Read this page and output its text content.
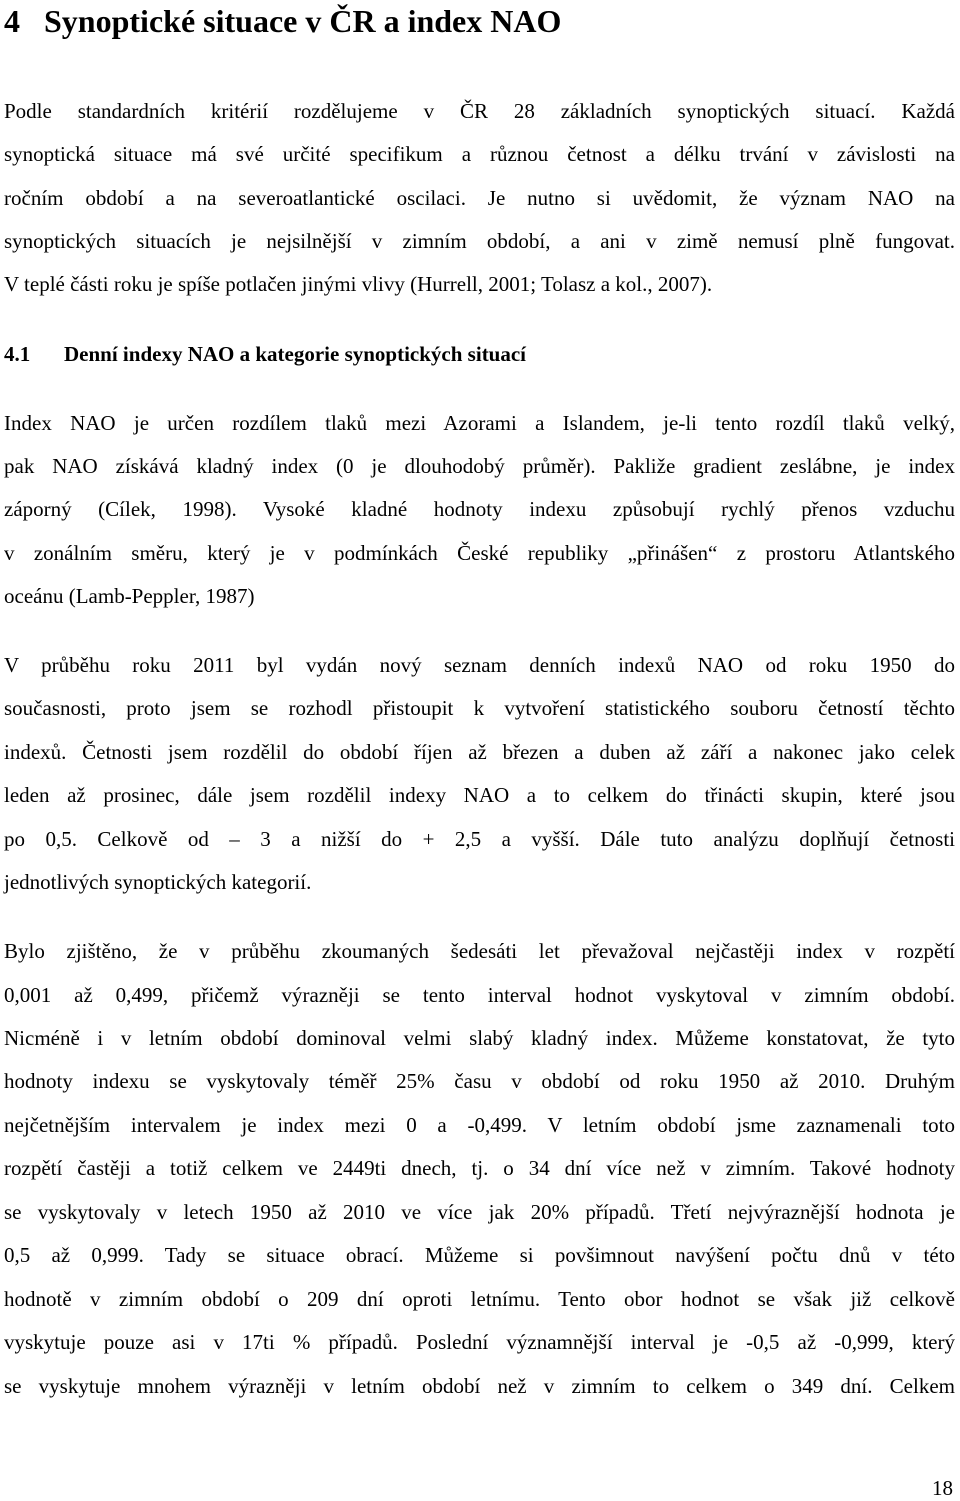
4 Synoptické situace v ČR a index NAO
Podle standardních kritérií rozdělujeme v ČR 28 základních synoptických situací. Každá
synoptická situace má své určité specifikum a různou četnost a délku trvání v závislosti na
ročním období a na severoatlantické oscilaci. Je nutno si uvědomit, že význam NAO na
synoptických situacích je nejsilnější v zimním období, a ani v zimě nemusí plně fungovat.
V teplé části roku je spíše potlačen jinými vlivy (Hurrell, 2001; Tolasz a kol., 2007).
4.1 Denní indexy NAO a kategorie synoptických situací
Index NAO je určen rozdílem tlaků mezi Azorami a Islandem, je-li tento rozdíl tlaků velký,
pak NAO získává kladný index (0 je dlouhodobý průměr). Pakliže gradient zeslábne, je index
záporný (Cílek, 1998). Vysoké kladné hodnoty indexu způsobují rychlý přenos vzduchu
v zonálním směru, který je v podmínkách České republiky „přinášen“ z prostoru Atlantského
oceánu (Lamb-Peppler, 1987)
V průběhu roku 2011 byl vydán nový seznam denních indexů NAO od roku 1950 do
současnosti, proto jsem se rozhodl přistoupit k vytvoření statistického souboru četností těchto
indexů. Četnosti jsem rozdělil do období říjen až březen a duben až září a nakonec jako celek
leden až prosinec, dále jsem rozdělil indexy NAO a to celkem do třinácti skupin, které jsou
po 0,5. Celkově od – 3 a nižší do + 2,5 a vyšší. Dále tuto analýzu doplňují četnosti
jednotlivých synoptických kategorií.
Bylo zjištěno, že v průběhu zkoumaných šedesáti let převažoval nejčastěji index v rozpětí
0,001 až 0,499, přičemž výrazněji se tento interval hodnot vyskytoval v zimním období.
Nicméně i v letním období dominoval velmi slabý kladný index. Můžeme konstatovat, že tyto
hodnoty indexu se vyskytovaly téměř 25% času v období od roku 1950 až 2010. Druhým
nejčetnějším intervalem je index mezi 0 a -0,499. V letním období jsme zaznamenali toto
rozpětí častěji a totiž celkem ve 2449ti dnech, tj. o 34 dní více než v zimním. Takové hodnoty
se vyskytovaly v letech 1950 až 2010 ve více jak 20% případů. Třetí nejvýraznější hodnota je
0,5 až 0,999. Tady se situace obrací. Můžeme si povšimnout navýšení počtu dnů v této
hodnotě v zimním období o 209 dní oproti letnímu. Tento obor hodnot se však již celkově
vyskytuje pouze asi v 17ti % případů. Poslední významnější interval je -0,5 až -0,999, který
se vyskytuje mnohem výrazněji v letním období než v zimním to celkem o 349 dní. Celkem
18
